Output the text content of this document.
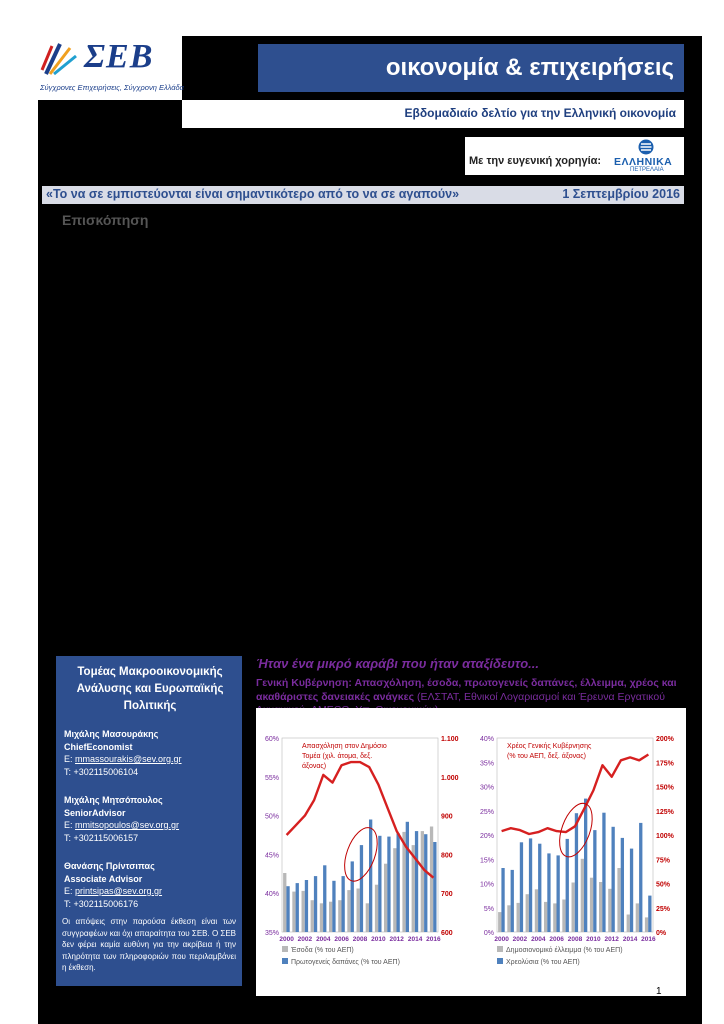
ΣΕΒ
Σύγχρονες Επιχειρήσεις, Σύγχρονη Ελλάδα
οικονομία & επιχειρήσεις
Εβδομαδιαίο δελτίο για την Ελληνική οικονομία
Με την ευγενική χορηγία: ΕΛΛΗΝΙΚΑ
ΠΕΤΡΕΛΑΙΑ
«Το να σε εμπιστεύονται είναι σημαντικότερο από το να σε αγαπούν»	1 Σεπτεμβρίου 2016
Επισκόπηση
Τομέας Μακροοικονομικής Ανάλυσης και Ευρωπαϊκής Πολιτικής
Μιχάλης Μασουράκης
ChiefEconomist
E: mmassourakis@sev.org.gr
T: +302115006104
Μιχάλης Μητσόπουλος
SeniorAdvisor
E: mmitsopoulos@sev.org.gr
T: +302115006157
Θανάσης Πρίντσιπας
Associate Advisor
E: printsipas@sev.org.gr
T: +302115006176
Οι απόψεις στην παρούσα έκθεση είναι των συγγραφέων και όχι απαραίτητα του ΣΕΒ. Ο ΣΕΒ δεν φέρει καμία ευθύνη για την ακρίβεια ή την πληρότητα των πληροφοριών που περιλαμβάνει η έκθεση.
Ήταν ένα μικρό καράβι που ήταν αταξίδευτο...
Γενική Κυβέρνηση: Απασχόληση, έσοδα, πρωτογενείς δαπάνες, έλλειμμα, χρέος και ακαθάριστες δανειακές ανάγκες (ΕΛΣΤΑΤ, Εθνικοί Λογαριασμοί και Έρευνα Εργατικού
35%
40%
45%
50%
55%
60%
600
700
800
900
1.000
1.100
Απασχόληση στον Δημόσιο
Τομέα (χιλ. άτομα, δεξ.
άξονας)
2000 2002 2004 2006 2008 2010 2012 2014 2016
Έσοδα (% του ΑΕΠ)
Πρωτογενείς δαπάνες (% του ΑΕΠ)
0%
5%
10%
15%
20%
25%
30%
35%
40%
0%
25%
50%
75%
100%
125%
150%
175%
200%
Χρέος Γενικής Κυβέρνησης
(% του ΑΕΠ, δεξ. άξονας)
2000 2002 2004 2006 2008 2010 2012 2014 2016
Δημοσιονομικό έλλειμμα (% του ΑΕΠ)
Χρεολύσια (% του ΑΕΠ)
1
